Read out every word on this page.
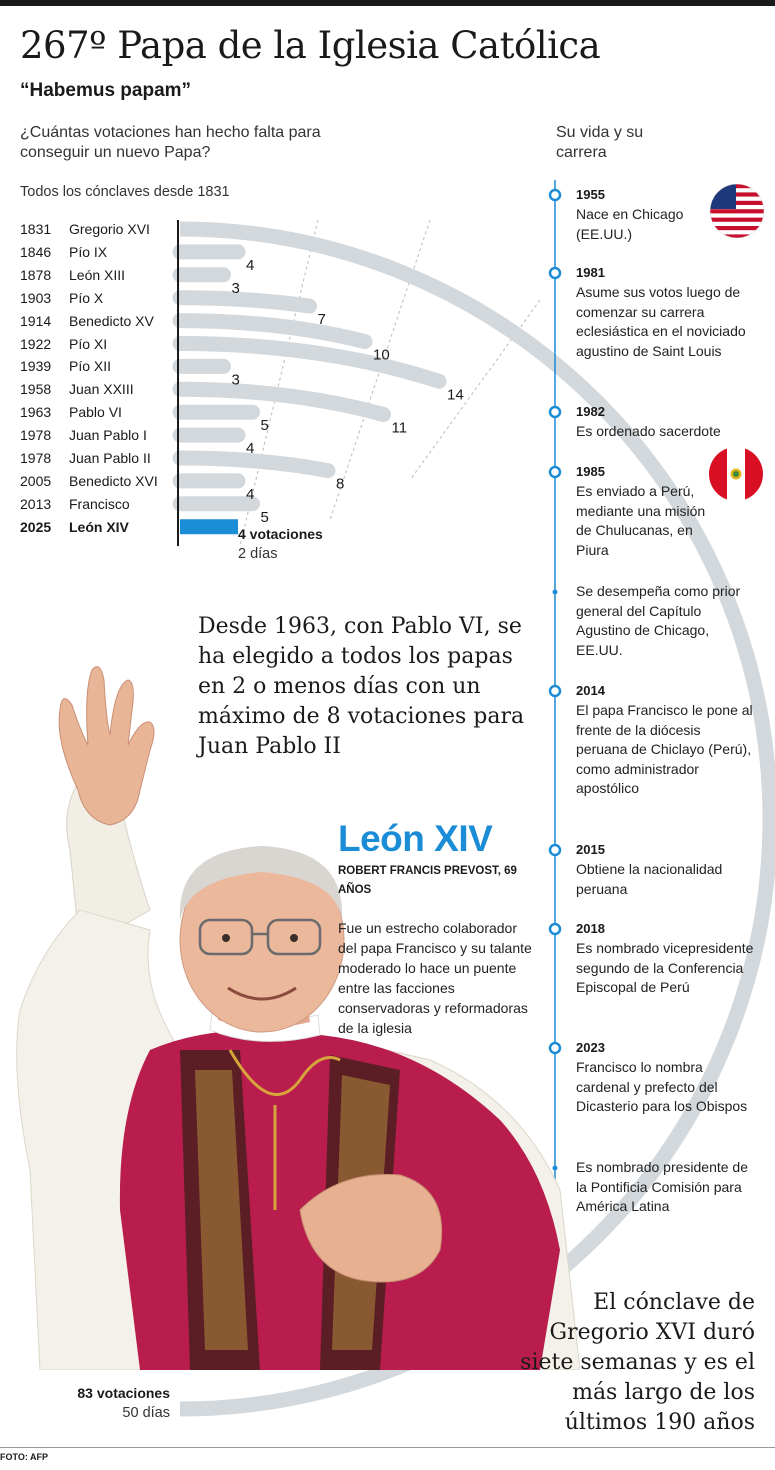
267º Papa de la Iglesia Católica
“Habemus papam”
¿Cuántas votaciones han hecho falta para conseguir un nuevo Papa?
Todos los cónclaves desde 1831
4
3
7
10
14
3
11
5
4
8
4
5
1831 Gregorio XVI
1846 Pío IX
1878 León XIII
1903 Pío X
1914 Benedicto XV
1922 Pío XI
1939 Pío XII
1958 Juan XXIII
1963 Pablo VI
1978 Juan Pablo I
1978 Juan Pablo II
2005 Benedicto XVI
2013 Francisco
2025 León XIV	4 votaciones
2 días
83 votaciones
50 días
Su vida y su carrera
1955
Nace en Chicago (EE.UU.)
1981
Asume sus votos luego de comenzar su carrera eclesiástica en el noviciado agustino de Saint Louis
1982
Es ordenado sacerdote
1985
Es enviado a Perú, mediante una misión de Chulucanas, en Piura
Se desempeña como prior general del Capítulo Agustino de Chicago, EE.UU.
2014
El papa Francisco le pone al frente de la diócesis peruana de Chiclayo (Perú), como administrador apostólico
2015
Obtiene la nacionalidad peruana
2018
Es nombrado vicepresidente segundo de la Conferencia Episcopal de Perú
2023
Francisco lo nombra cardenal y prefecto del Dicasterio para los Obispos
Es nombrado presidente de la Pontificia Comisión para América Latina
Desde 1963, con Pablo VI, se ha elegido a todos los papas en 2 o menos días con un máximo de 8 votaciones para Juan Pablo II
El cónclave de Gregorio XVI duró siete semanas y es el más largo de los últimos 190 años
León XIV
ROBERT FRANCIS PREVOST, 69 AÑOS
Fue un estrecho colaborador del papa Francisco y su talante moderado lo hace un puente entre las facciones conservadoras y reformadoras de la iglesia
FOTO: AFP
